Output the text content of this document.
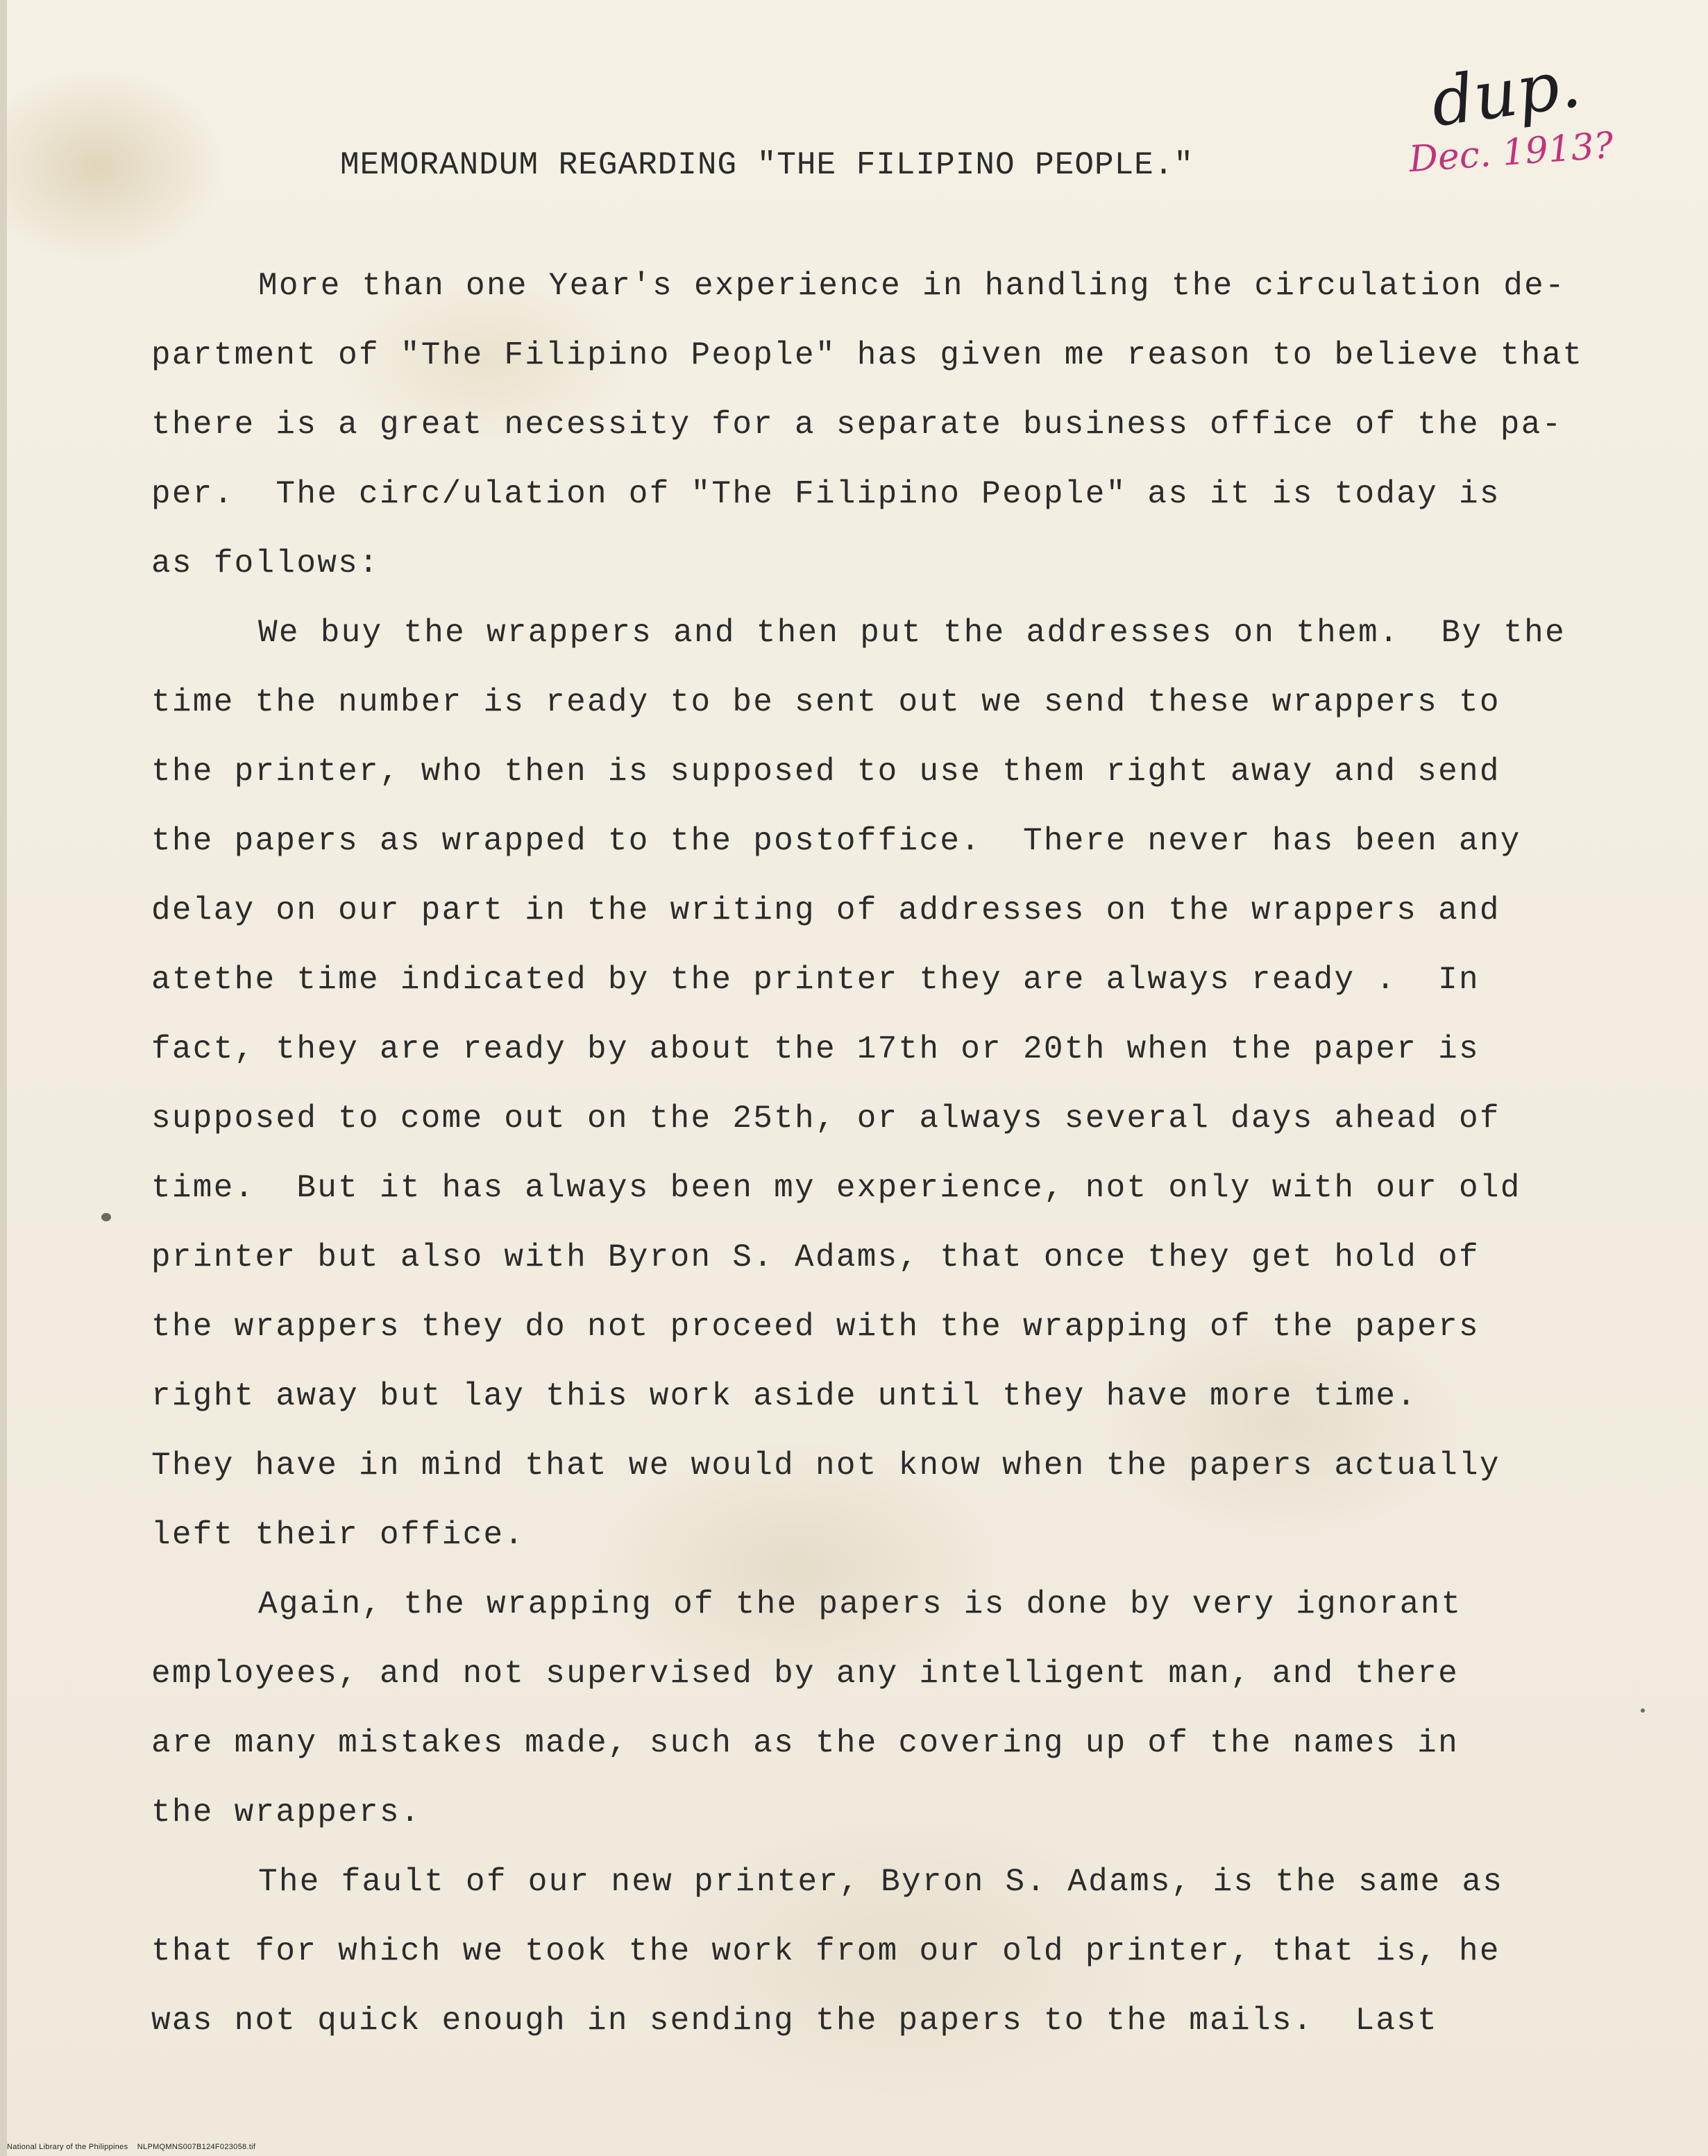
dup.
Dec. 1913?
MEMORANDUM REGARDING "THE FILIPINO PEOPLE."
More than one Year's experience in handling the circulation de-
partment of "The Filipino People" has given me reason to believe that
there is a great necessity for a separate business office of the pa-
per.  The circ/ulation of "The Filipino People" as it is today is
as follows:
We buy the wrappers and then put the addresses on them.  By the
time the number is ready to be sent out we send these wrappers to
the printer, who then is supposed to use them right away and send
the papers as wrapped to the postoffice.  There never has been any
delay on our part in the writing of addresses on the wrappers and
atethe time indicated by the printer they are always ready .  In
fact, they are ready by about the 17th or 20th when the paper is
supposed to come out on the 25th, or always several days ahead of
time.  But it has always been my experience, not only with our old
printer but also with Byron S. Adams, that once they get hold of
the wrappers they do not proceed with the wrapping of the papers
right away but lay this work aside until they have more time.
They have in mind that we would not know when the papers actually
left their office.
Again, the wrapping of the papers is done by very ignorant
employees, and not supervised by any intelligent man, and there
are many mistakes made, such as the covering up of the names in
the wrappers.
The fault of our new printer, Byron S. Adams, is the same as
that for which we took the work from our old printer, that is, he
was not quick enough in sending the papers to the mails.  Last
National Library of the Philippines    NLPMQMNS007B124F023058.tif
